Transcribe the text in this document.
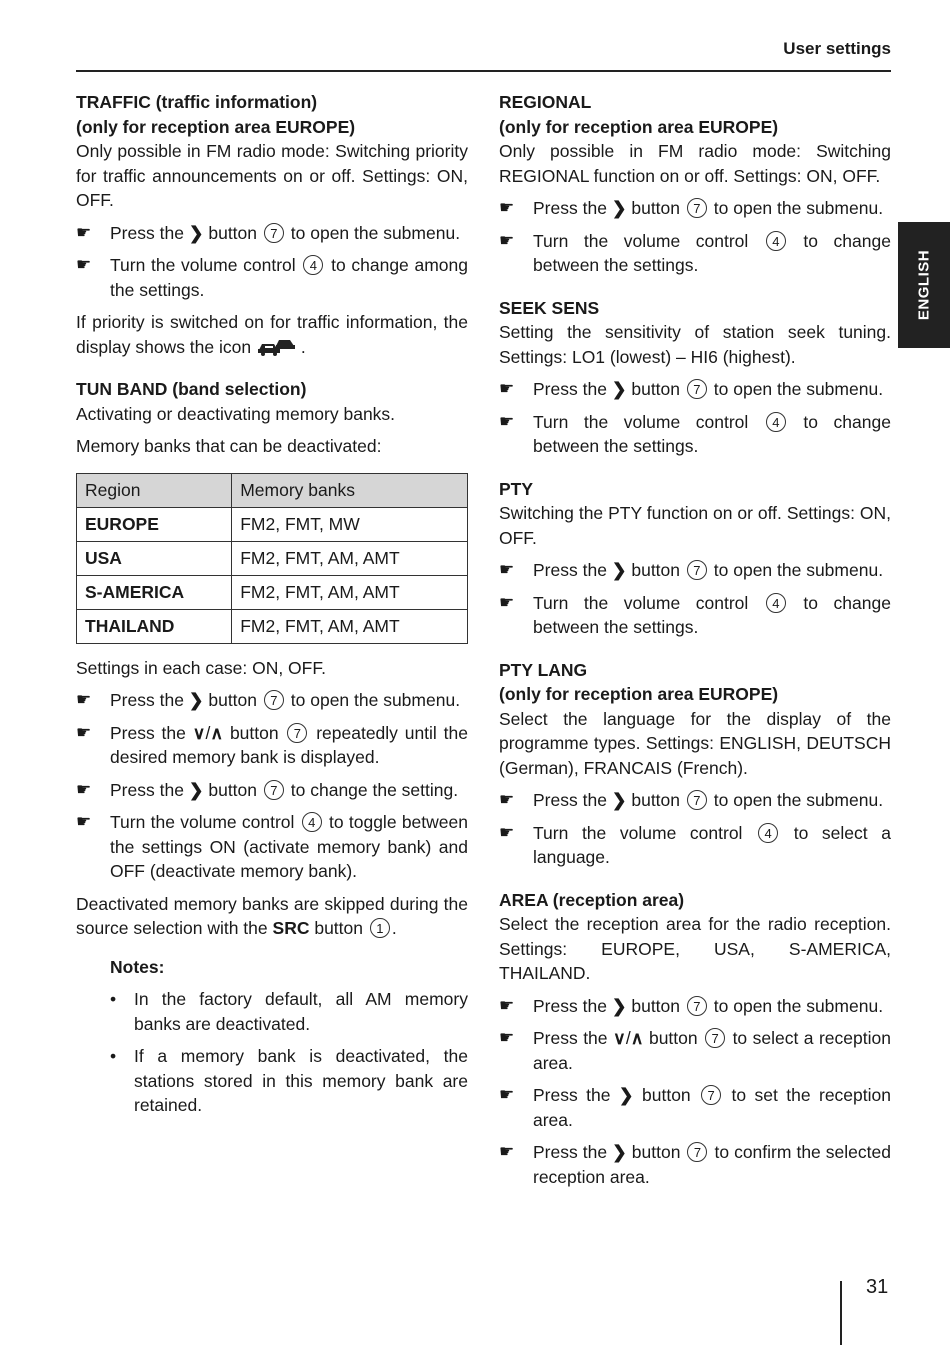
User settings
ENGLISH
TRAFFIC (traffic information)
(only for reception area EUROPE)
Only possible in FM radio mode: Switching priority for traffic announcements on or off. Settings: ON, OFF.
☛ Press the ❯ button 7 to open the submenu.
☛ Turn the volume control 4 to change among the settings.
If priority is switched on for traffic information, the display shows the icon	.
TUN BAND (band selection)
Activating or deactivating memory banks.
Memory banks that can be deactivated:
Region	Memory banks
EUROPE	FM2, FMT, MW
USA	FM2, FMT, AM, AMT
S-AMERICA	FM2, FMT, AM, AMT
THAILAND	FM2, FMT, AM, AMT
Settings in each case: ON, OFF.
☛ Press the ❯ button 7 to open the submenu.
☛ Press the ∨/∧ button 7 repeatedly until the desired memory bank is displayed.
☛ Press the ❯ button 7 to change the setting.
☛ Turn the volume control 4 to toggle between the settings ON (activate memory bank) and OFF (deactivate memory bank).
Deactivated memory banks are skipped during the source selection with the SRC button 1 .
Notes:
• In the factory default, all AM memory banks are deactivated.
• If a memory bank is deactivated, the stations stored in this memory bank are retained.
REGIONAL
(only for reception area EUROPE)
Only possible in FM radio mode: Switching REGIONAL function on or off. Settings: ON, OFF.
☛ Press the ❯ button 7 to open the submenu.
☛ Turn the volume control 4 to change between the settings.
SEEK SENS
Setting the sensitivity of station seek tuning. Settings: LO1 (lowest) – HI6 (highest).
☛ Press the ❯ button 7 to open the submenu.
☛ Turn the volume control 4 to change between the settings.
PTY
Switching the PTY function on or off. Settings: ON, OFF.
☛ Press the ❯ button 7 to open the submenu.
☛ Turn the volume control 4 to change between the settings.
PTY LANG
(only for reception area EUROPE)
Select the language for the display of the programme types. Settings: ENGLISH, DEUTSCH (German), FRANCAIS (French).
☛ Press the ❯ button 7 to open the submenu.
☛ Turn the volume control 4 to select a language.
AREA (reception area)
Select the reception area for the radio reception. Settings: EUROPE, USA, S-AMERICA, THAILAND.
☛ Press the ❯ button 7 to open the submenu.
☛ Press the ∨/∧ button 7 to select a reception area.
☛ Press the ❯ button 7 to set the reception area.
☛ Press the ❯ button 7 to confirm the selected reception area.
31
